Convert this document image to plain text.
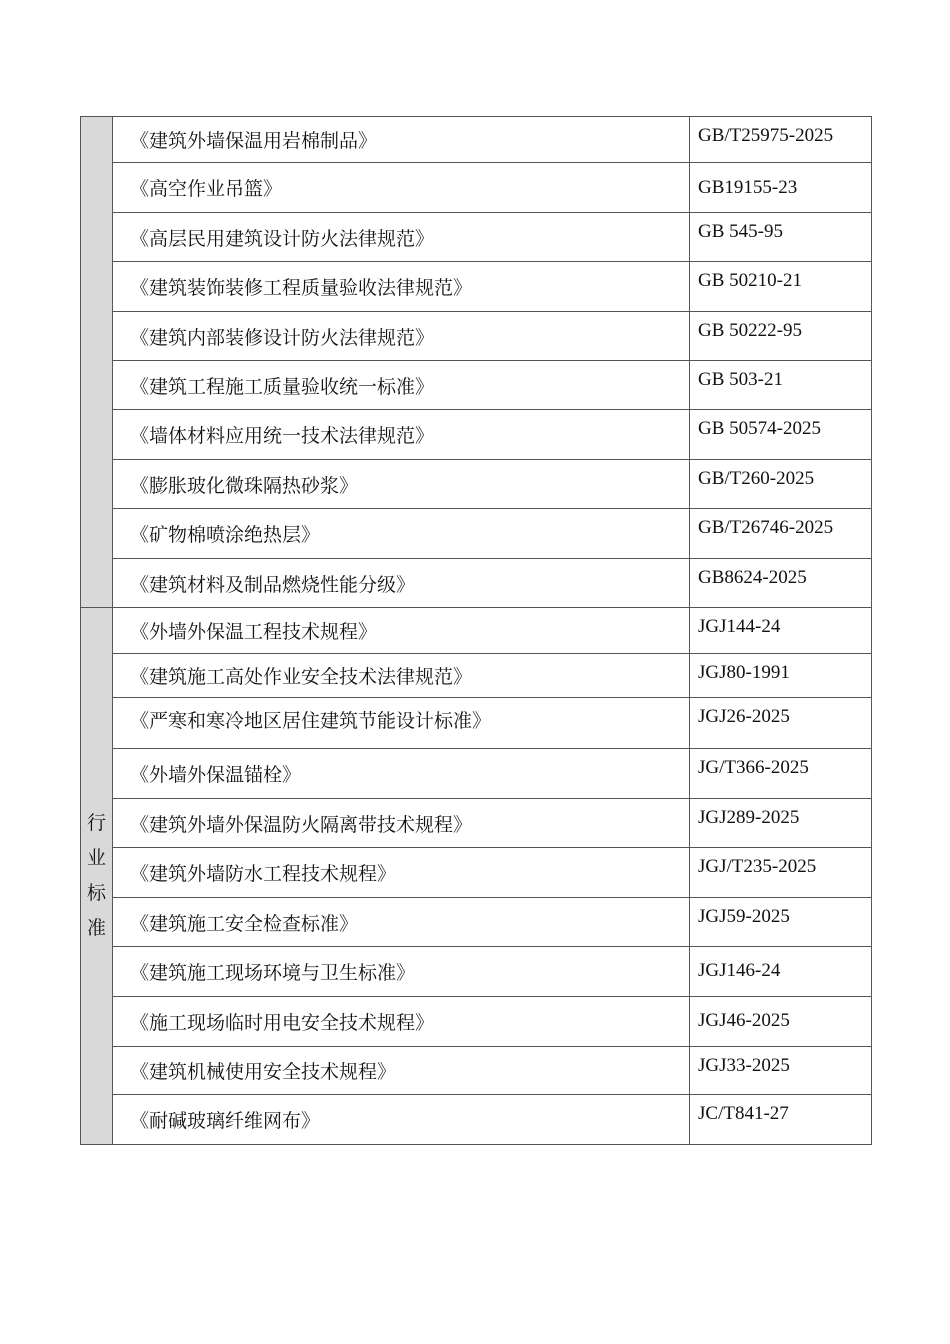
	《建筑外墙保温用岩棉制品》	GB/T25975-2025
	《高空作业吊篮》	GB19155-23
	《高层民用建筑设计防火法律规范》	GB 545-95
	《建筑装饰装修工程质量验收法律规范》	GB 50210-21
	《建筑内部装修设计防火法律规范》	GB 50222-95
	《建筑工程施工质量验收统一标准》	GB 503-21
	《墙体材料应用统一技术法律规范》	GB 50574-2025
	《膨胀玻化微珠隔热砂浆》	GB/T260-2025
	《矿物棉喷涂绝热层》	GB/T26746-2025
	《建筑材料及制品燃烧性能分级》	GB8624-2025

行
业
标
准	《外墙外保温工程技术规程》	JGJ144-24
	《建筑施工高处作业安全技术法律规范》	JGJ80-1991
	《严寒和寒冷地区居住建筑节能设计标准》	JGJ26-2025
	《外墙外保温锚栓》	JG/T366-2025
	《建筑外墙外保温防火隔离带技术规程》	JGJ289-2025
	《建筑外墙防水工程技术规程》	JGJ/T235-2025
	《建筑施工安全检查标准》	JGJ59-2025
	《建筑施工现场环境与卫生标准》	JGJ146-24
	《施工现场临时用电安全技术规程》	JGJ46-2025
	《建筑机械使用安全技术规程》	JGJ33-2025
	《耐碱玻璃纤维网布》	JC/T841-27
